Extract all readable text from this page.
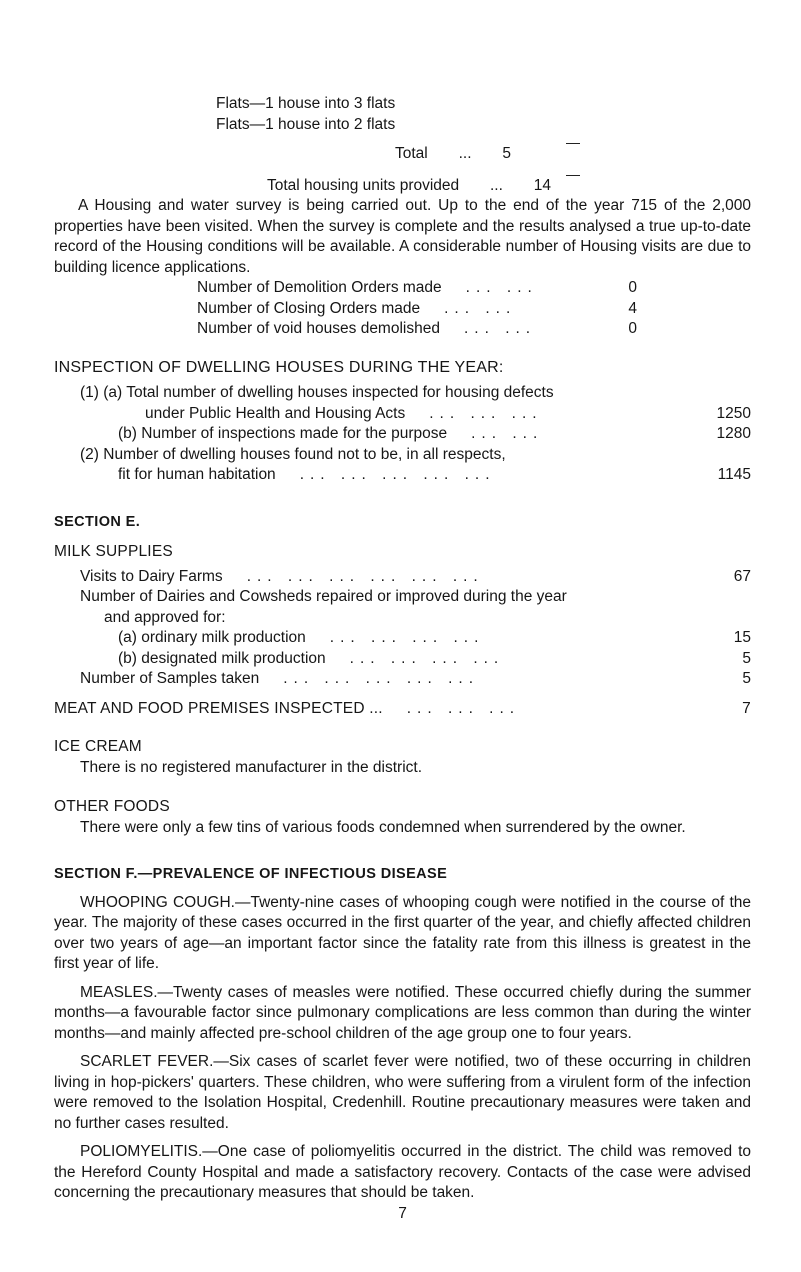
Flats—1 house into 3 flats
Flats—1 house into 2 flats
Total ... 5
Total housing units provided ... 14

A Housing and water survey is being carried out. Up to the end of the year 715 of the 2,000 properties have been visited. When the survey is complete and the results analysed a true up-to-date record of the Housing conditions will be available. A considerable number of Housing visits are due to building licence applications.

Number of Demolition Orders made	... ...	0
Number of Closing Orders made	... ...	4
Number of void houses demolished	... ...	0
INSPECTION OF DWELLING HOUSES DURING THE YEAR:
(1) (a) Total number of dwelling houses inspected for housing defects
under Public Health and Housing Acts	... ... ...	1250
(b) Number of inspections made for the purpose	... ...	1280
(2) Number of dwelling houses found not to be, in all respects,
fit for human habitation	... ... ... ... ...	1145
SECTION E.
MILK SUPPLIES
Visits to Dairy Farms	... ... ... ... ... ...	67
Number of Dairies and Cowsheds repaired or improved during the year
and approved for:
(a) ordinary milk production	... ... ... ...	15
(b) designated milk production	... ... ... ...	5
Number of Samples taken	... ... ... ... ...	5
MEAT AND FOOD PREMISES INSPECTED ...	... ... ...	7
ICE CREAM
There is no registered manufacturer in the district.
OTHER FOODS

There were only a few tins of various foods condemned when surrendered by the owner.

SECTION F.—PREVALENCE OF INFECTIOUS DISEASE

WHOOPING COUGH.—Twenty-nine cases of whooping cough were notified in the course of the year. The majority of these cases occurred in the first quarter of the year, and chiefly affected children over two years of age—an important factor since the fatality rate from this illness is greatest in the first year of life.

MEASLES.—Twenty cases of measles were notified. These occurred chiefly during the summer months—a favourable factor since pulmonary complications are less common than during the winter months—and mainly affected pre-school children of the age group one to four years.

SCARLET FEVER.—Six cases of scarlet fever were notified, two of these occurring in children living in hop-pickers' quarters. These children, who were suffering from a virulent form of the infection were removed to the Isolation Hospital, Credenhill. Routine precautionary measures were taken and no further cases resulted.

POLIOMYELITIS.—One case of poliomyelitis occurred in the district. The child was removed to the Hereford County Hospital and made a satisfactory recovery. Contacts of the case were advised concerning the precautionary measures that should be taken.

7
